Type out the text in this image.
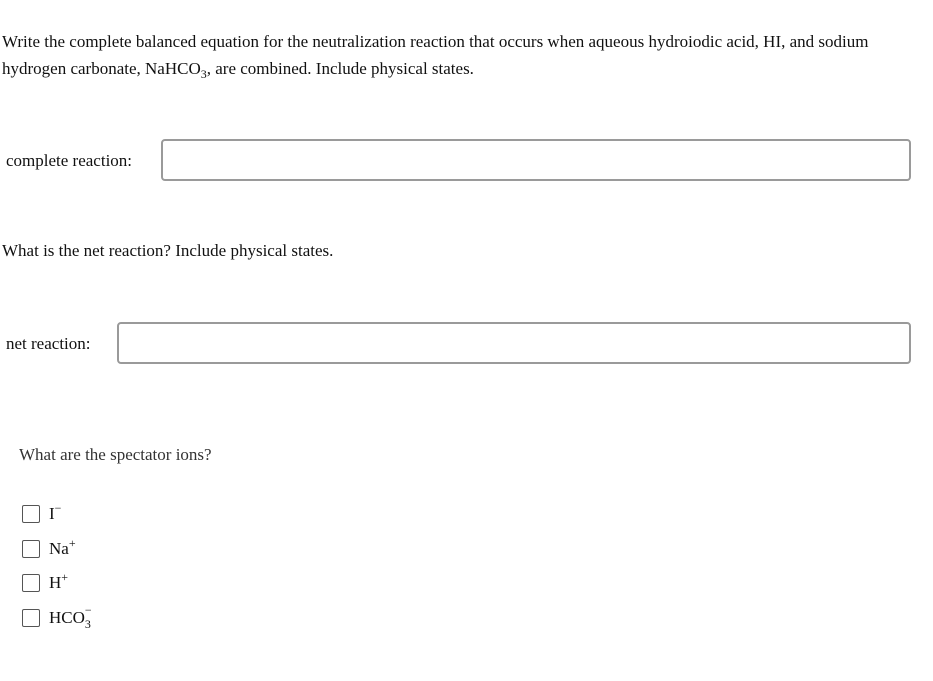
Write the complete balanced equation for the neutralization reaction that occurs when aqueous hydroiodic acid, HI, and sodium
hydrogen carbonate, NaHCO$_3$, are combined. Include physical states.
complete reaction:
What is the net reaction? Include physical states.
net reaction:
What are the spectator ions?
I−
Na+
H+
HCO −
3
